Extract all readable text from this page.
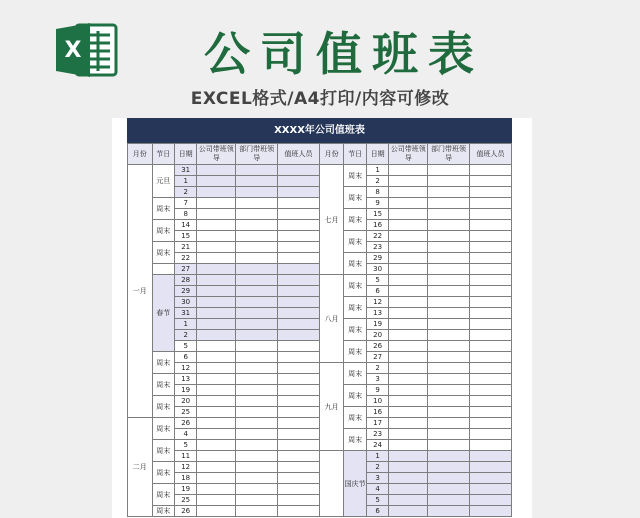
X	公司值班表
EXCEL格式/A4打印/内容可修改
XXXX年公司值班表
月份	节日	日期	公司带班领导	部门带班领导	值班人员	月份	节日	日期	公司带班领导	部门带班领导	值班人员
一月	元旦	31				七月	周末	1			
		1						2			
		2					周末	8			
	周末	7						9			
		8					周末	15			
	周末	14						16			
		15					周末	22			
	周末	21						23			
		22					周末	29			
		27						30			
	春节	28				八月	周末	5			
		29						6			
		30					周末	12			
		31						13			
		1					周末	19			
		2						20			
		5					周末	26			
	周末	6						27			
		12				九月	周末	2			
	周末	13						3			
		19					周末	9			
	周末	20						10			
		25					周末	16			
二月	周末	26						17			
		4					周末	23			
	周末	5						24			
		11					国庆节	1			
	周末	12						2			
		18						3			
	周末	19						4			
		25						5			
	周末	26						6			
